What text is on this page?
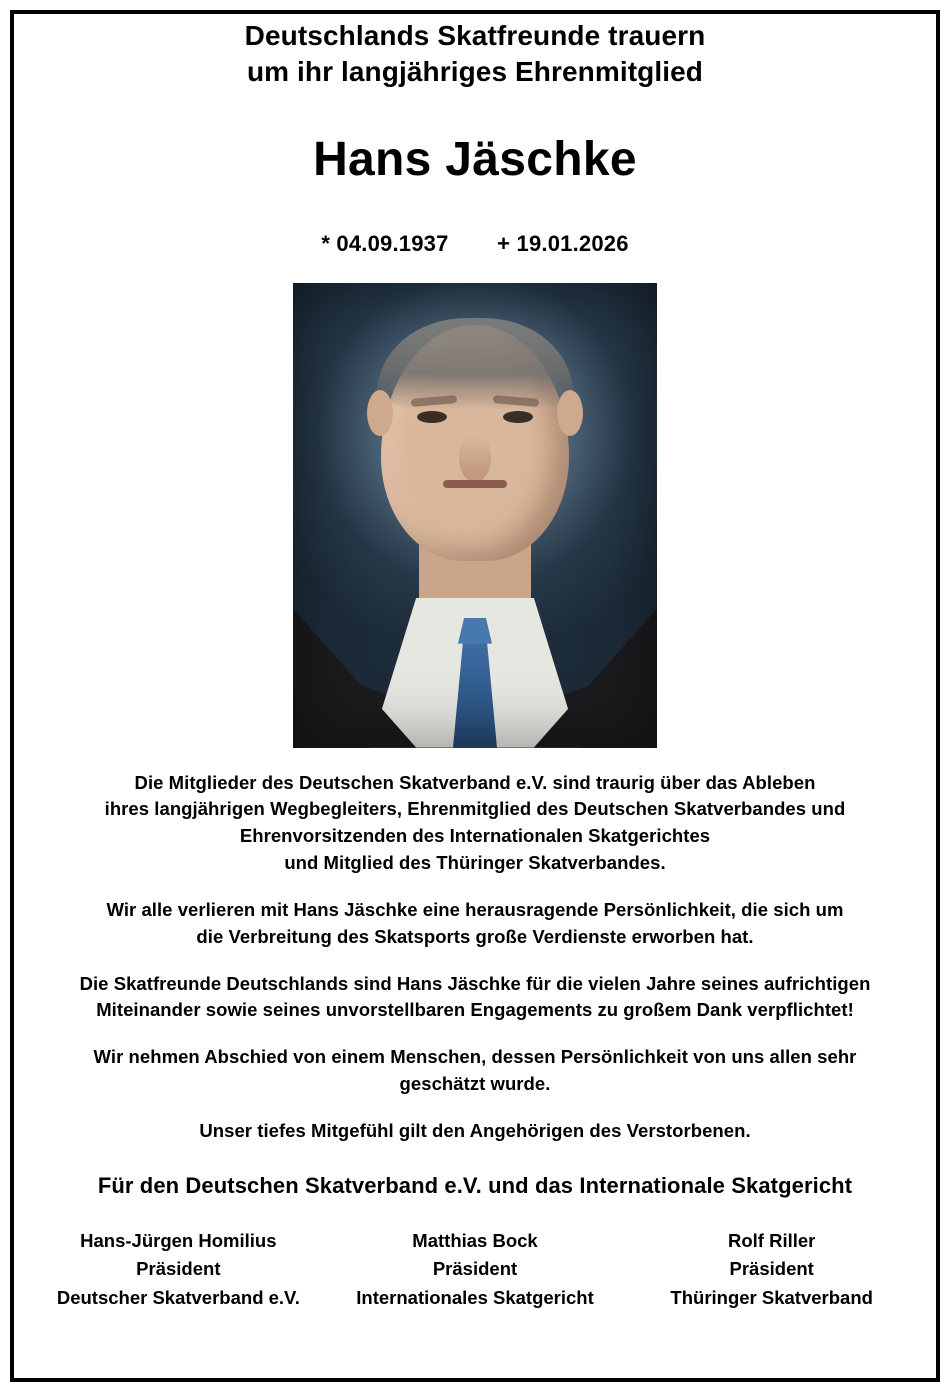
Deutschlands Skatfreunde trauern
um ihr langjähriges Ehrenmitglied
Hans Jäschke
* 04.09.1937 + 19.01.2026

Die Mitglieder des Deutschen Skatverband e.V. sind traurig über das Ableben
ihres langjährigen Wegbegleiters, Ehrenmitglied des Deutschen Skatverbandes und
Ehrenvorsitzenden des Internationalen Skatgerichtes
und Mitglied des Thüringer Skatverbandes.

Wir alle verlieren mit Hans Jäschke eine herausragende Persönlichkeit, die sich um
die Verbreitung des Skatsports große Verdienste erworben hat.

Die Skatfreunde Deutschlands sind Hans Jäschke für die vielen Jahre seines aufrichtigen
Miteinander sowie seines unvorstellbaren Engagements zu großem Dank verpflichtet!

Wir nehmen Abschied von einem Menschen, dessen Persönlichkeit von uns allen sehr
geschätzt wurde.

Unser tiefes Mitgefühl gilt den Angehörigen des Verstorbenen.

Für den Deutschen Skatverband e.V. und das Internationale Skatgericht
Hans-Jürgen Homilius
Präsident
Deutscher Skatverband e.V.
Matthias Bock
Präsident
Internationales Skatgericht
Rolf Riller
Präsident
Thüringer Skatverband
